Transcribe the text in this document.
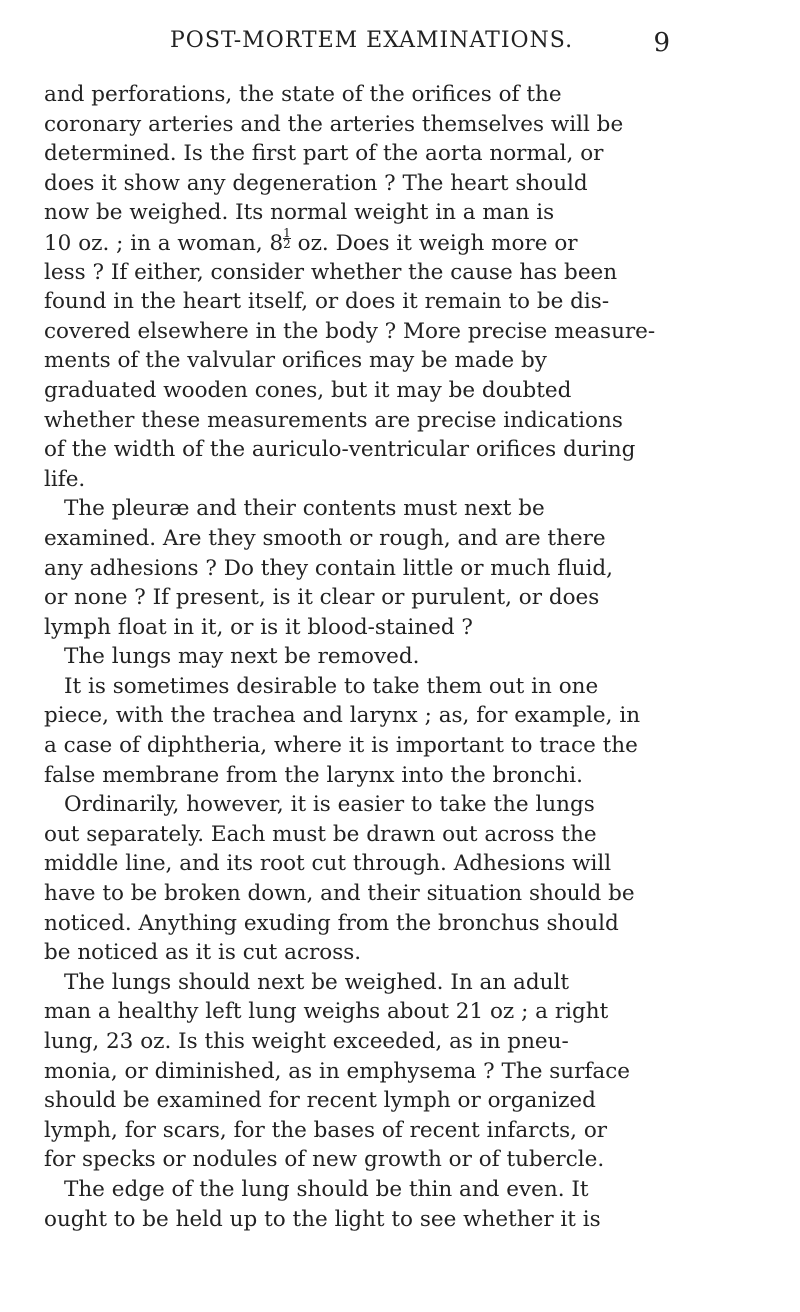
POST-MORTEM EXAMINATIONS.	9
and perforations, the state of the orifices of the
coronary arteries and the arteries themselves will be
determined. Is the first part of the aorta normal, or
does it show any degeneration ? The heart should
now be weighed. Its normal weight in a man is
10 oz. ; in a woman, $8 \frac{1}{2}$ oz. Does it weigh more or
less ? If either, consider whether the cause has been
found in the heart itself, or does it remain to be dis-
covered elsewhere in the body ? More precise measure-
ments of the valvular orifices may be made by
graduated wooden cones, but it may be doubted
whether these measurements are precise indications
of the width of the auriculo-ventricular orifices during
life.
The pleuræ and their contents must next be
examined. Are they smooth or rough, and are there
any adhesions ? Do they contain little or much fluid,
or none ? If present, is it clear or purulent, or does
lymph float in it, or is it blood-stained ?
The lungs may next be removed.
It is sometimes desirable to take them out in one
piece, with the trachea and larynx ; as, for example, in
a case of diphtheria, where it is important to trace the
false membrane from the larynx into the bronchi.
Ordinarily, however, it is easier to take the lungs
out separately. Each must be drawn out across the
middle line, and its root cut through. Adhesions will
have to be broken down, and their situation should be
noticed. Anything exuding from the bronchus should
be noticed as it is cut across.
The lungs should next be weighed. In an adult
man a healthy left lung weighs about 21 oz ; a right
lung, 23 oz. Is this weight exceeded, as in pneu-
monia, or diminished, as in emphysema ? The surface
should be examined for recent lymph or organized
lymph, for scars, for the bases of recent infarcts, or
for specks or nodules of new growth or of tubercle.
The edge of the lung should be thin and even. It
ought to be held up to the light to see whether it is
